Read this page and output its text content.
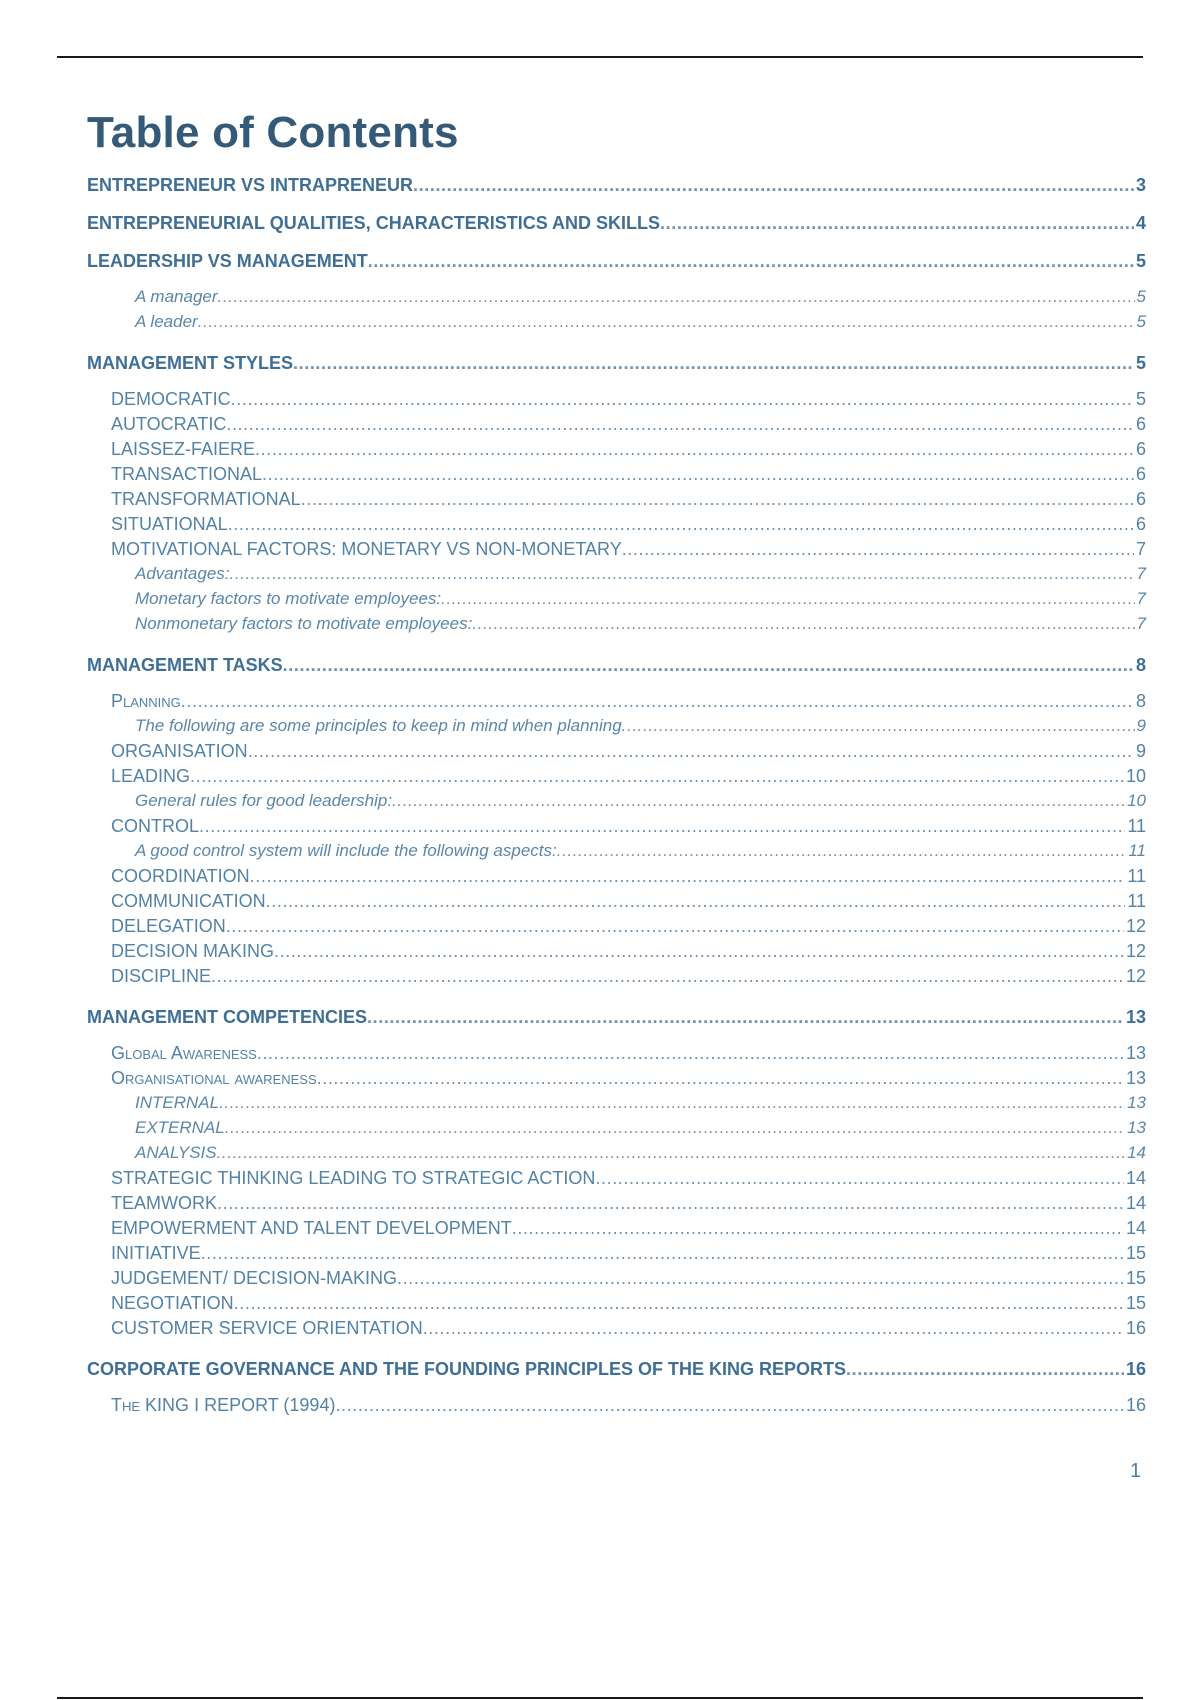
Table of Contents
ENTREPRENEUR VS INTRAPRENEUR .....	3
ENTREPRENEURIAL QUALITIES, CHARACTERISTICS AND SKILLS .....	4
LEADERSHIP VS MANAGEMENT .....	5
A manager .....	5
A leader .....	5
MANAGEMENT STYLES .....	5
DEMOCRATIC .....	5
AUTOCRATIC .....	6
LAISSEZ-FAIERE .....	6
TRANSACTIONAL .....	6
TRANSFORMATIONAL .....	6
SITUATIONAL .....	6
MOTIVATIONAL FACTORS: MONETARY VS NON-MONETARY .....	7
Advantages: .....	7
Monetary factors to motivate employees: .....	7
Nonmonetary factors to motivate employees: .....	7
MANAGEMENT TASKS .....	8
Planning .....	8
The following are some principles to keep in mind when planning .....	9
ORGANISATION .....	9
LEADING .....	10
General rules for good leadership: .....	10
CONTROL .....	11
A good control system will include the following aspects: .....	11
COORDINATION .....	11
COMMUNICATION .....	11
DELEGATION .....	12
DECISION MAKING .....	12
DISCIPLINE .....	12
MANAGEMENT COMPETENCIES .....	13
Global Awareness .....	13
Organisational awareness .....	13
INTERNAL .....	13
EXTERNAL .....	13
ANALYSIS .....	14
STRATEGIC THINKING LEADING TO STRATEGIC ACTION .....	14
TEAMWORK .....	14
EMPOWERMENT AND TALENT DEVELOPMENT .....	14
INITIATIVE .....	15
JUDGEMENT/ DECISION-MAKING .....	15
NEGOTIATION .....	15
CUSTOMER SERVICE ORIENTATION .....	16
CORPORATE GOVERNANCE AND THE FOUNDING PRINCIPLES OF THE KING REPORTS .....	16
The KING I REPORT (1994) .....	16
1
